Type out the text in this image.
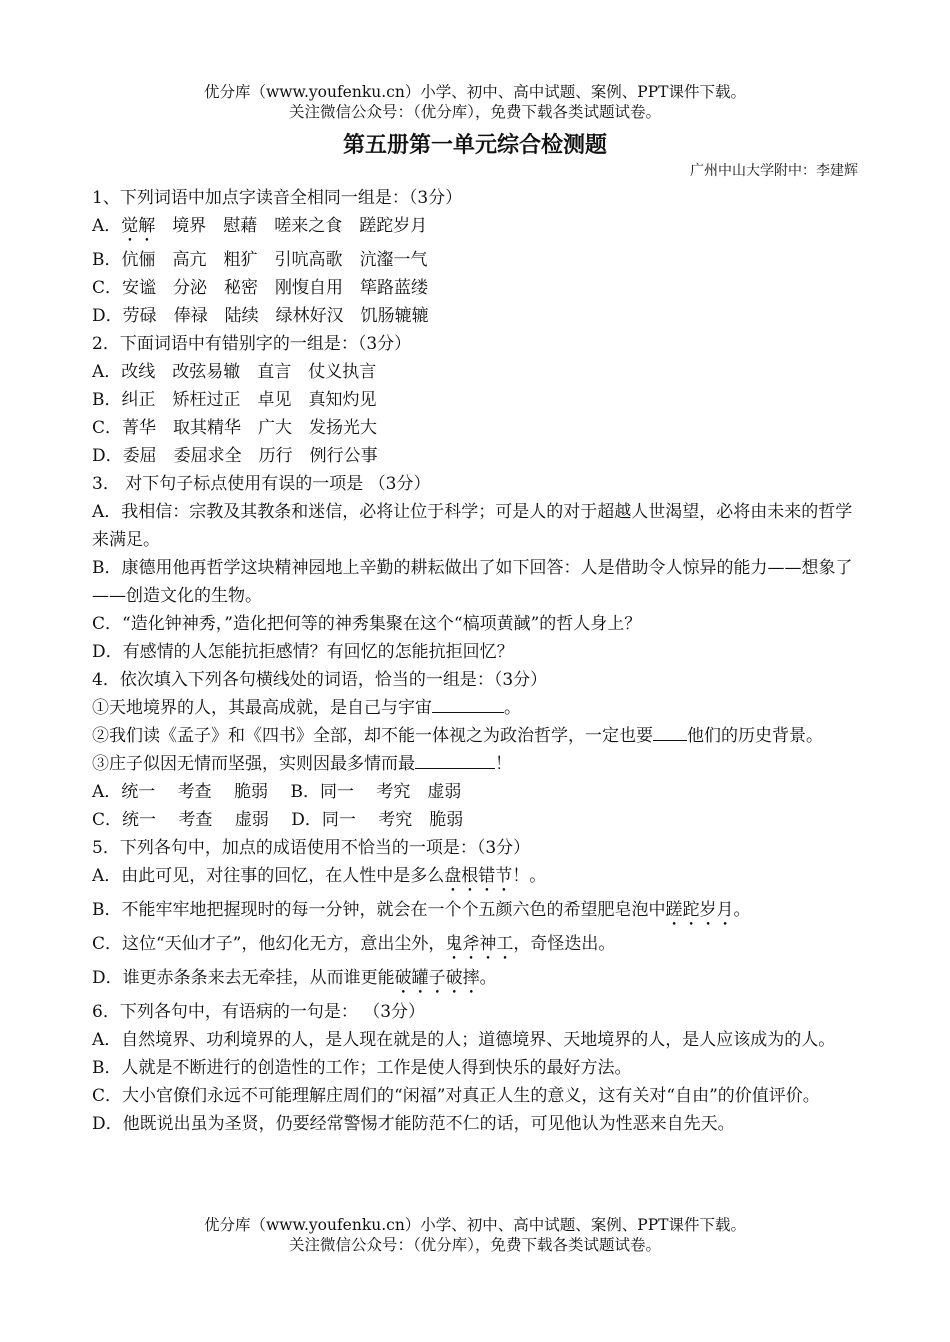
优分库（www.youfenku.cn）小学、初中、高中试题、案例、PPT课件下载。
关注微信公众号：（优分库），免费下载各类试题试卷。
第五册第一单元综合检测题
广州中山大学附中：李建辉

1、下列词语中加点字读音全相同一组是：（3分）

A．觉解　 境界　 慰藉　 嗟来之食　 蹉跎岁月

B．伉俪　 高亢　 粗犷　 引吭高歌　 沆瀣一气

C．安谧　 分泌　 秘密　 刚愎自用　 筚路蓝缕

D．劳碌　 俸禄　 陆续　 绿林好汉　 饥肠辘辘

2．下面词语中有错别字的一组是：（3分）

A．改线　改弦易辙　直言　仗义执言

B．纠正　矫枉过正　卓见　真知灼见

C．菁华　取其精华　广大　发扬光大

D．委屈　委屈求全　历行　例行公事

3． 对下句子标点使用有误的一项是 （3分）

A．我相信：宗教及其教条和迷信，必将让位于科学；可是人的对于超越人世渴望，必将由未来的哲学来满足。

B．康德用他再哲学这块精神园地上辛勤的耕耘做出了如下回答：人是借助令人惊异的能力——想象了——创造文化的生物。

C．“造化钟神秀，”造化把何等的神秀集聚在这个“槁项黄馘”的哲人身上？

D．有感情的人怎能抗拒感情？有回忆的怎能抗拒回忆？

4．依次填入下列各句横线处的词语，恰当的一组是：（3分）

①天地境界的人，其最高成就，是自己与宇宙	。

②我们读《孟子》和《四书》全部，却不能一体视之为政治哲学，一定也要 他们的历史背景。

③庄子似因无情而坚强，实则因最多情而最	！

A．统一　 考查　 脆弱　 B．同一　 考究　虚弱

C．统一　 考查　 虚弱　 D．同一　 考究　脆弱

5．下列各句中，加点的成语使用不恰当的一项是：（3分）

A．由此可见，对往事的回忆，在人性中是多么盘根错节！。

B．不能牢牢地把握现时的每一分钟，就会在一个个五颜六色的希望肥皂泡中蹉跎岁月。

C．这位“天仙才子”，他幻化无方，意出尘外，鬼斧神工，奇怪迭出。

D．谁更赤条条来去无牵挂，从而谁更能破罐子破摔。

6．下列各句中，有语病的一句是： （3分）

A．自然境界、功利境界的人，是人现在就是的人；道德境界、天地境界的人，是人应该成为的人。

B．人就是不断进行的创造性的工作；工作是使人得到快乐的最好方法。

C．大小官僚们永远不可能理解庄周们的“闲福”对真正人生的意义，这有关对“自由”的价值评价。

D．他既说出虽为圣贤，仍要经常警惕才能防范不仁的话，可见他认为性恶来自先天。

优分库（www.youfenku.cn）小学、初中、高中试题、案例、PPT课件下载。
关注微信公众号：（优分库），免费下载各类试题试卷。
